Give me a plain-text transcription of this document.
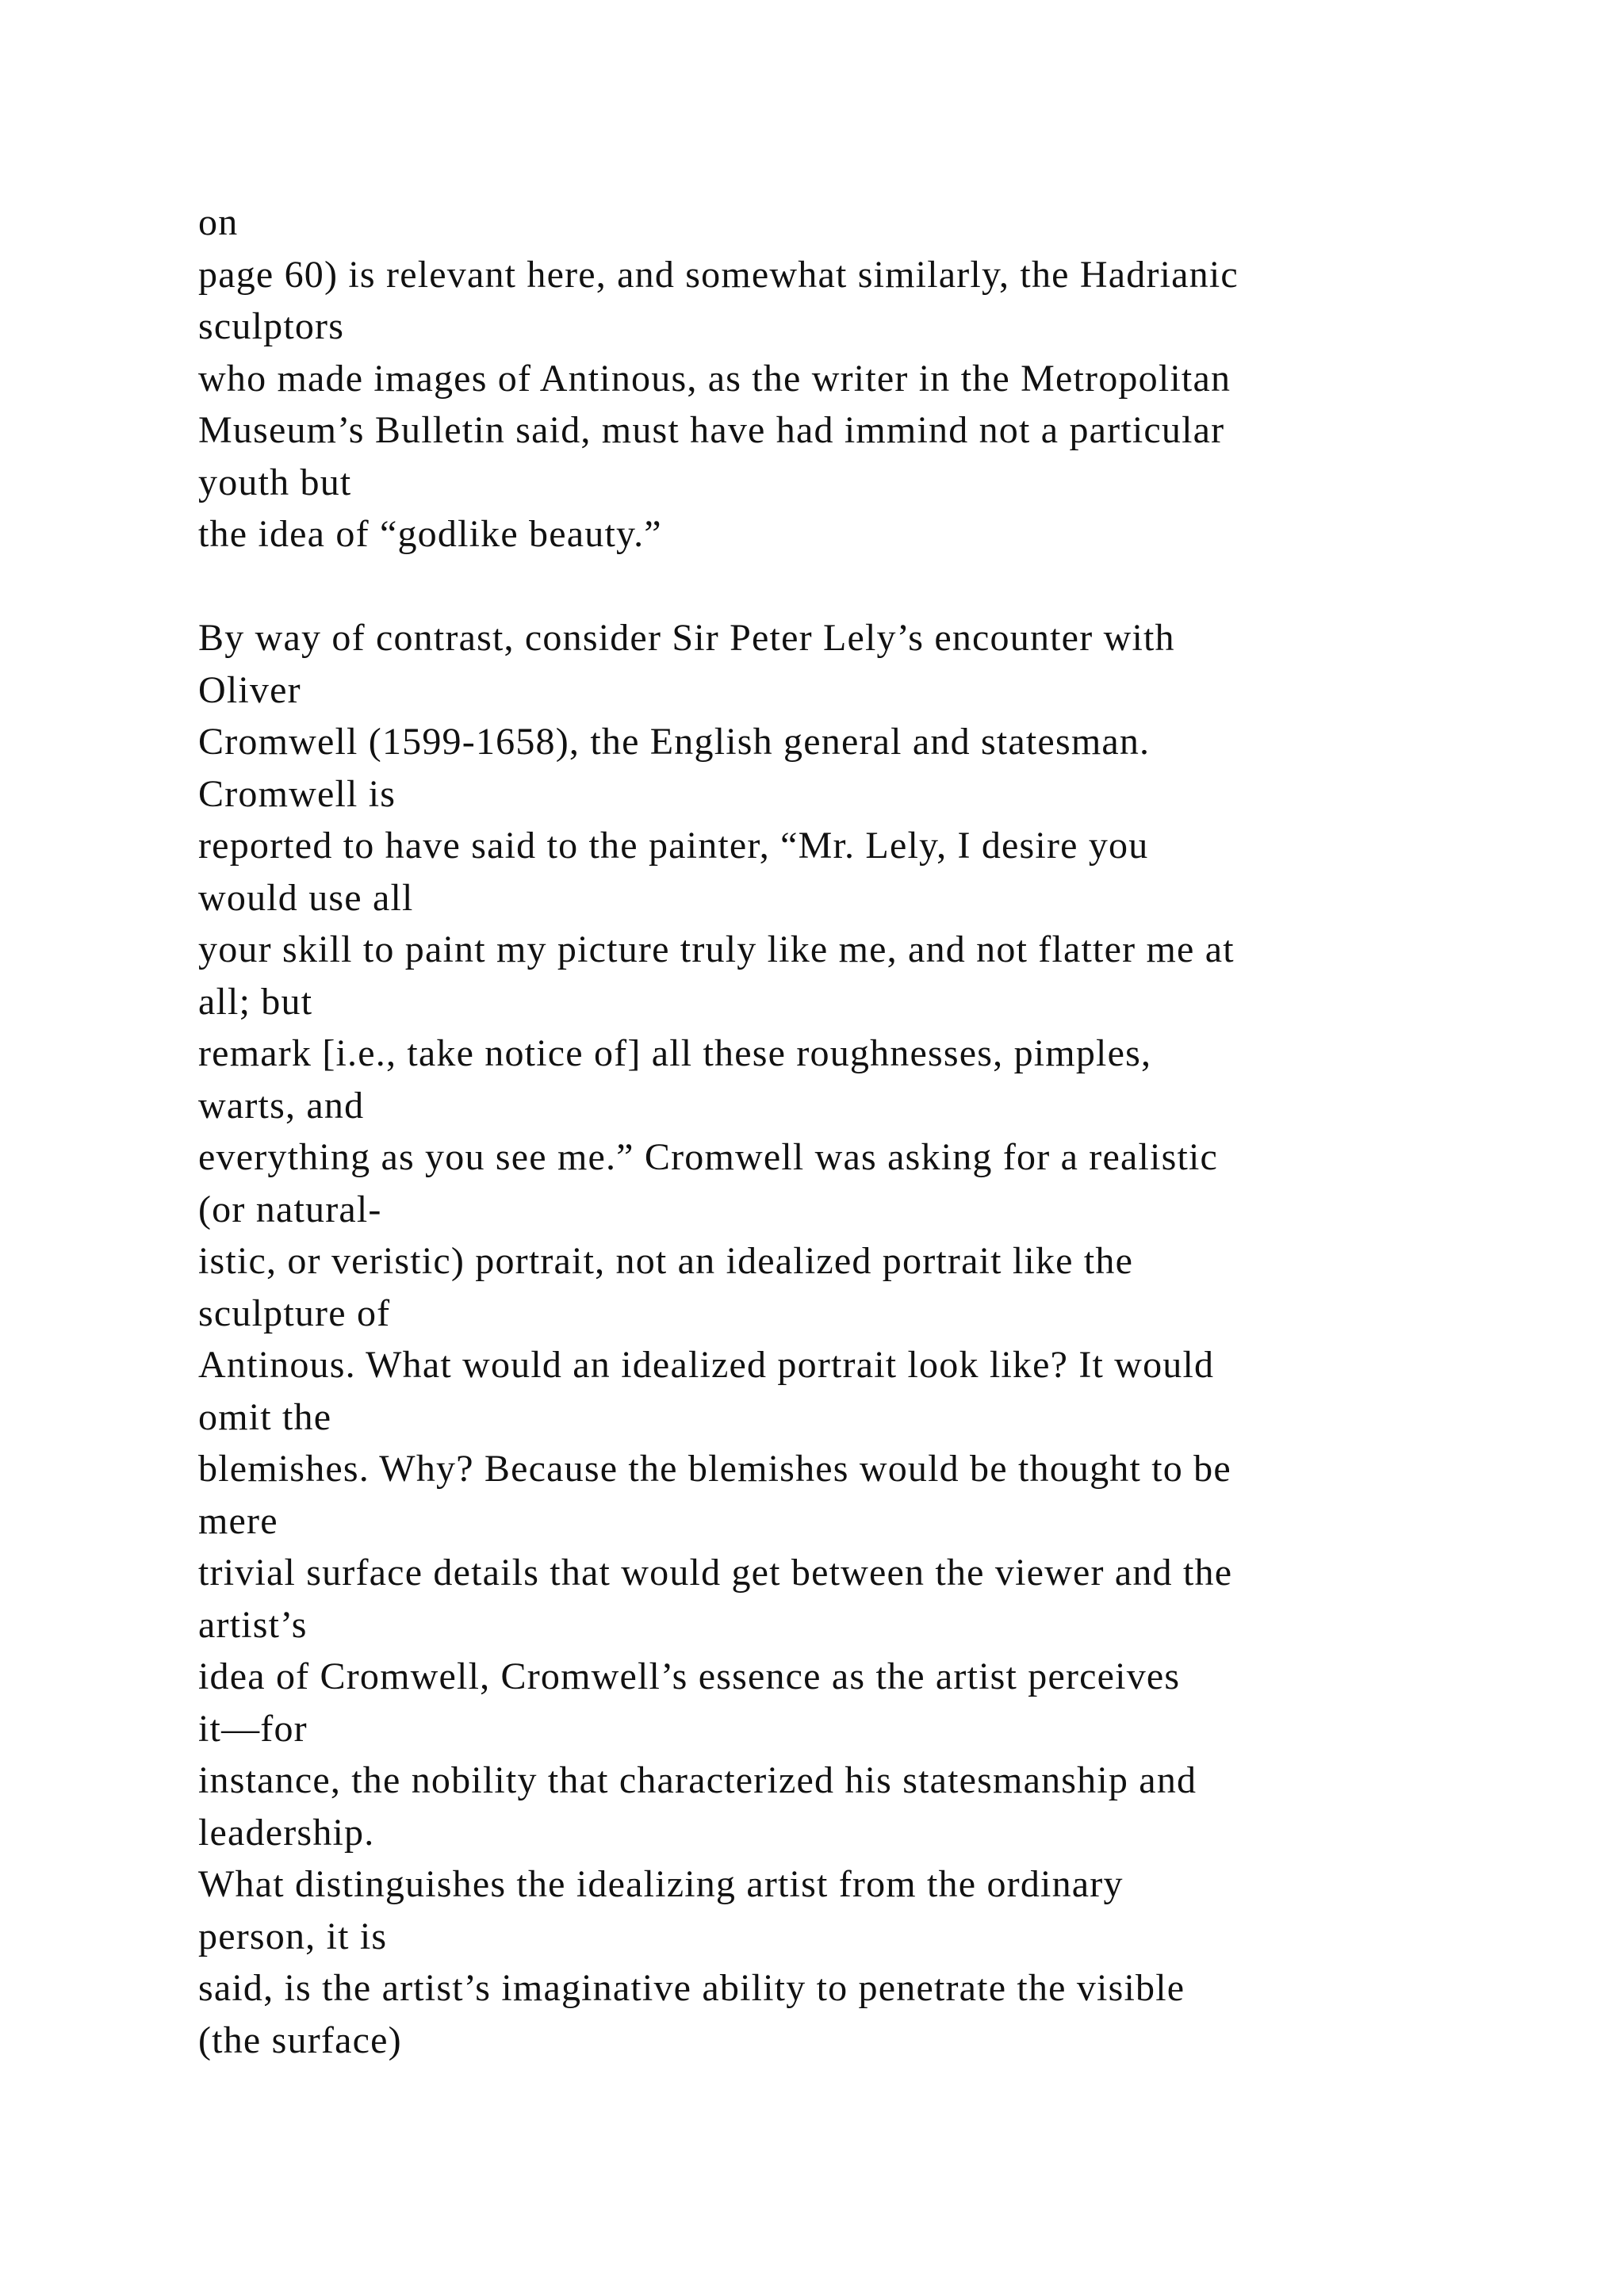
on
page 60) is relevant here, and somewhat similarly, the Hadrianic
sculptors
who made images of Antinous, as the writer in the Metropolitan
Museum’s Bulletin said, must have had immind not a particular
youth but
the idea of “godlike beauty.”
By way of contrast, consider Sir Peter Lely’s encounter with
Oliver
Cromwell (1599-1658), the English general and statesman.
Cromwell is
reported to have said to the painter, “Mr. Lely, I desire you
would use all
your skill to paint my picture truly like me, and not flatter me at
all; but
remark [i.e., take notice of] all these roughnesses, pimples,
warts, and
everything as you see me.” Cromwell was asking for a realistic
(or natural-
istic, or veristic) portrait, not an idealized portrait like the
sculpture of
Antinous. What would an idealized portrait look like? It would
omit the
blemishes. Why? Because the blemishes would be thought to be
mere
trivial surface details that would get between the viewer and the
artist’s
idea of Cromwell, Cromwell’s essence as the artist perceives
it—for
instance, the nobility that characterized his statesmanship and
leadership.
What distinguishes the idealizing artist from the ordinary
person, it is
said, is the artist’s imaginative ability to penetrate the visible
(the surface)
